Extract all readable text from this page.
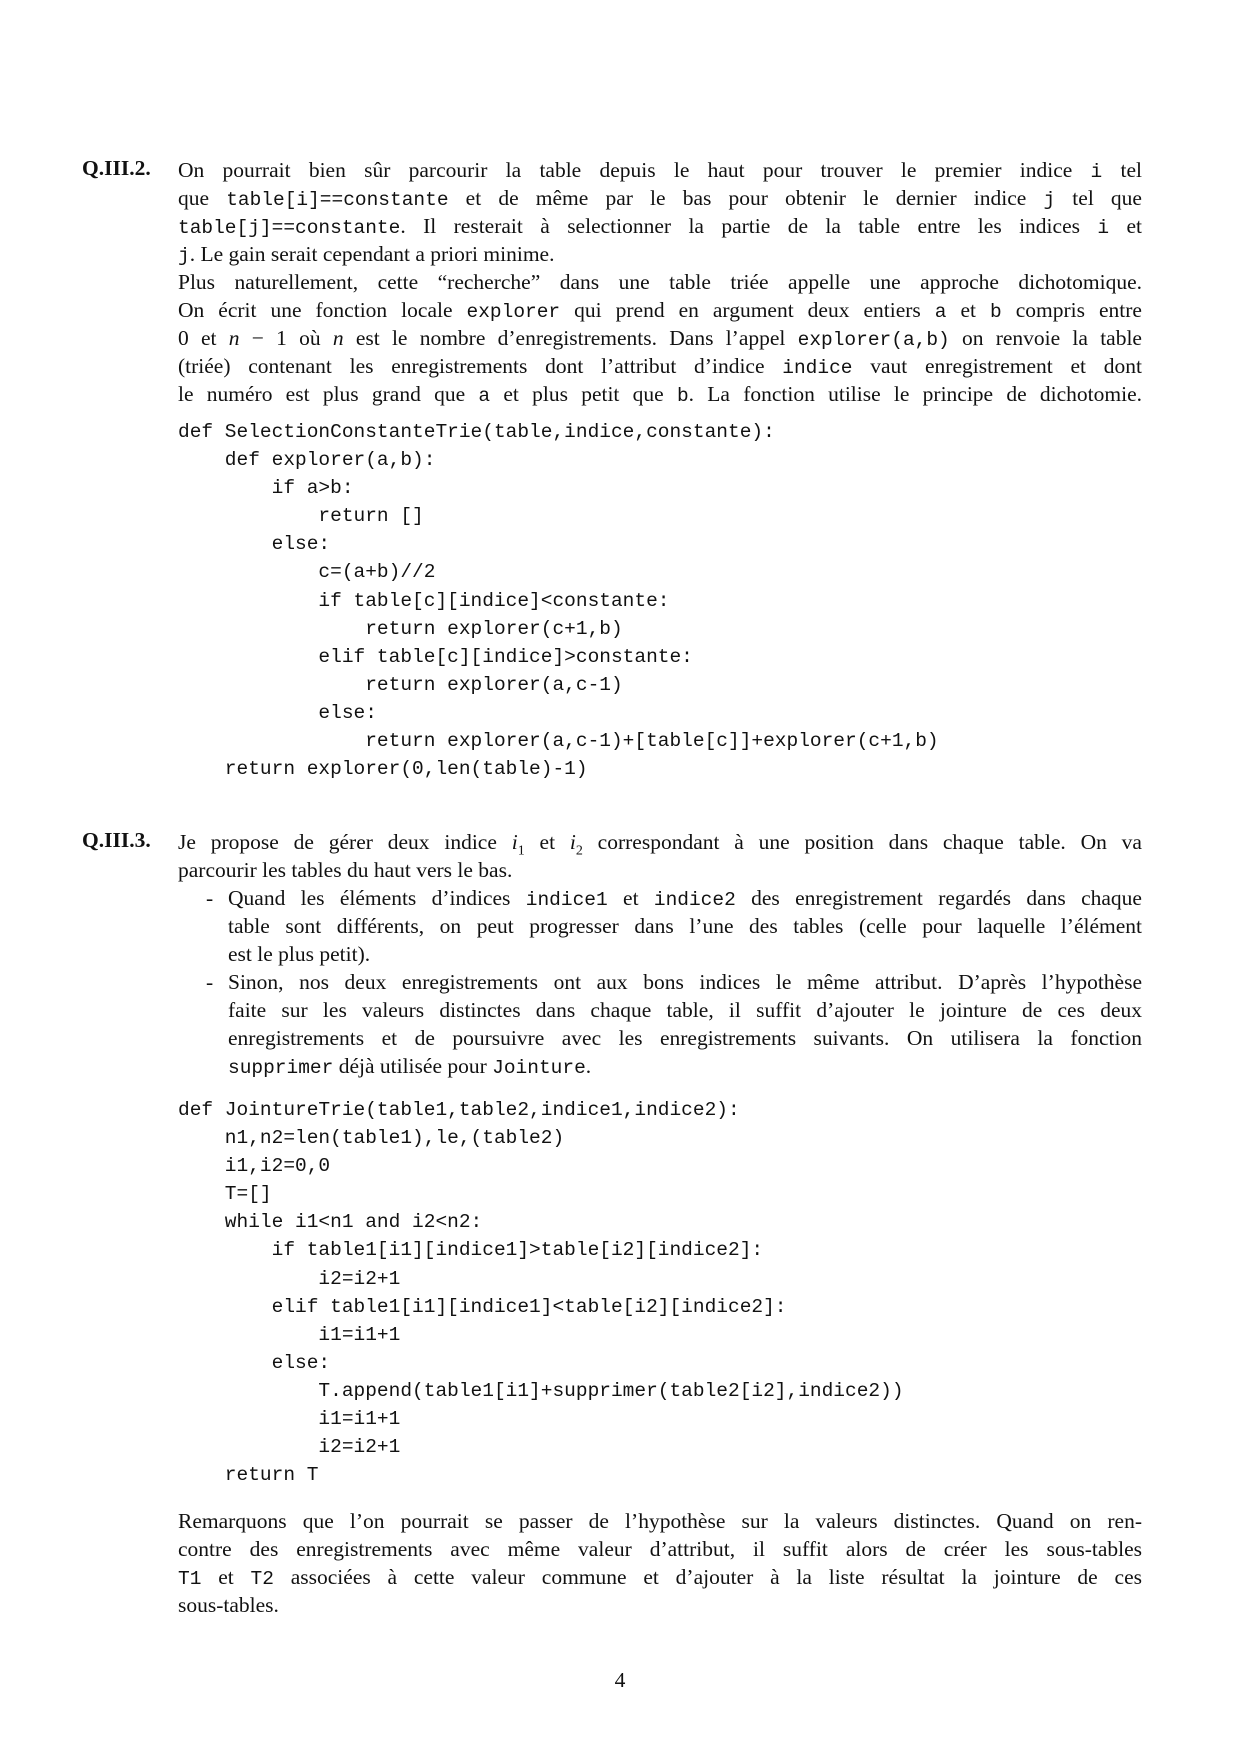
Q.III.2. On pourrait bien sûr parcourir la table depuis le haut pour trouver le premier indice i tel
que table[i]==constante et de même par le bas pour obtenir le dernier indice j tel que
table[j]==constante. Il resterait à selectionner la partie de la table entre les indices i et
j. Le gain serait cependant a priori minime.
Plus naturellement, cette “recherche” dans une table triée appelle une approche dichotomique.
On écrit une fonction locale explorer qui prend en argument deux entiers a et b compris entre
0 et n − 1 où n est le nombre d’enregistrements. Dans l’appel explorer(a,b) on renvoie la table
(triée) contenant les enregistrements dont l’attribut d’indice indice vaut enregistrement et dont
le numéro est plus grand que a et plus petit que b. La fonction utilise le principe de dichotomie.
def SelectionConstanteTrie(table,indice,constante):
def explorer(a,b):
if a>b:
return []
else:
c=(a+b)//2
if table[c][indice]<constante:
return explorer(c+1,b)
elif table[c][indice]>constante:
return explorer(a,c-1)
else:
return explorer(a,c-1)+[table[c]]+explorer(c+1,b)
return explorer(0,len(table)-1)
Q.III.3. Je propose de gérer deux indice $i_1$ et $i_2$ correspondant à une position dans chaque table. On va
parcourir les tables du haut vers le bas.
- Quand les éléments d’indices indice1 et indice2 des enregistrement regardés dans chaque
table sont différents, on peut progresser dans l’une des tables (celle pour laquelle l’élément
est le plus petit).
- Sinon, nos deux enregistrements ont aux bons indices le même attribut. D’après l’hypothèse
faite sur les valeurs distinctes dans chaque table, il suffit d’ajouter le jointure de ces deux
enregistrements et de poursuivre avec les enregistrements suivants. On utilisera la fonction
supprimer déjà utilisée pour Jointure.
def JointureTrie(table1,table2,indice1,indice2):
n1,n2=len(table1),le,(table2)
i1,i2=0,0
T=[]
while i1<n1 and i2<n2:
if table1[i1][indice1]>table[i2][indice2]:
i2=i2+1
elif table1[i1][indice1]<table[i2][indice2]:
i1=i1+1
else:
T.append(table1[i1]+supprimer(table2[i2],indice2))
i1=i1+1
i2=i2+1
return T
Remarquons que l’on pourrait se passer de l’hypothèse sur la valeurs distinctes. Quand on ren-
contre des enregistrements avec même valeur d’attribut, il suffit alors de créer les sous-tables
T1 et T2 associées à cette valeur commune et d’ajouter à la liste résultat la jointure de ces
sous-tables.
4
